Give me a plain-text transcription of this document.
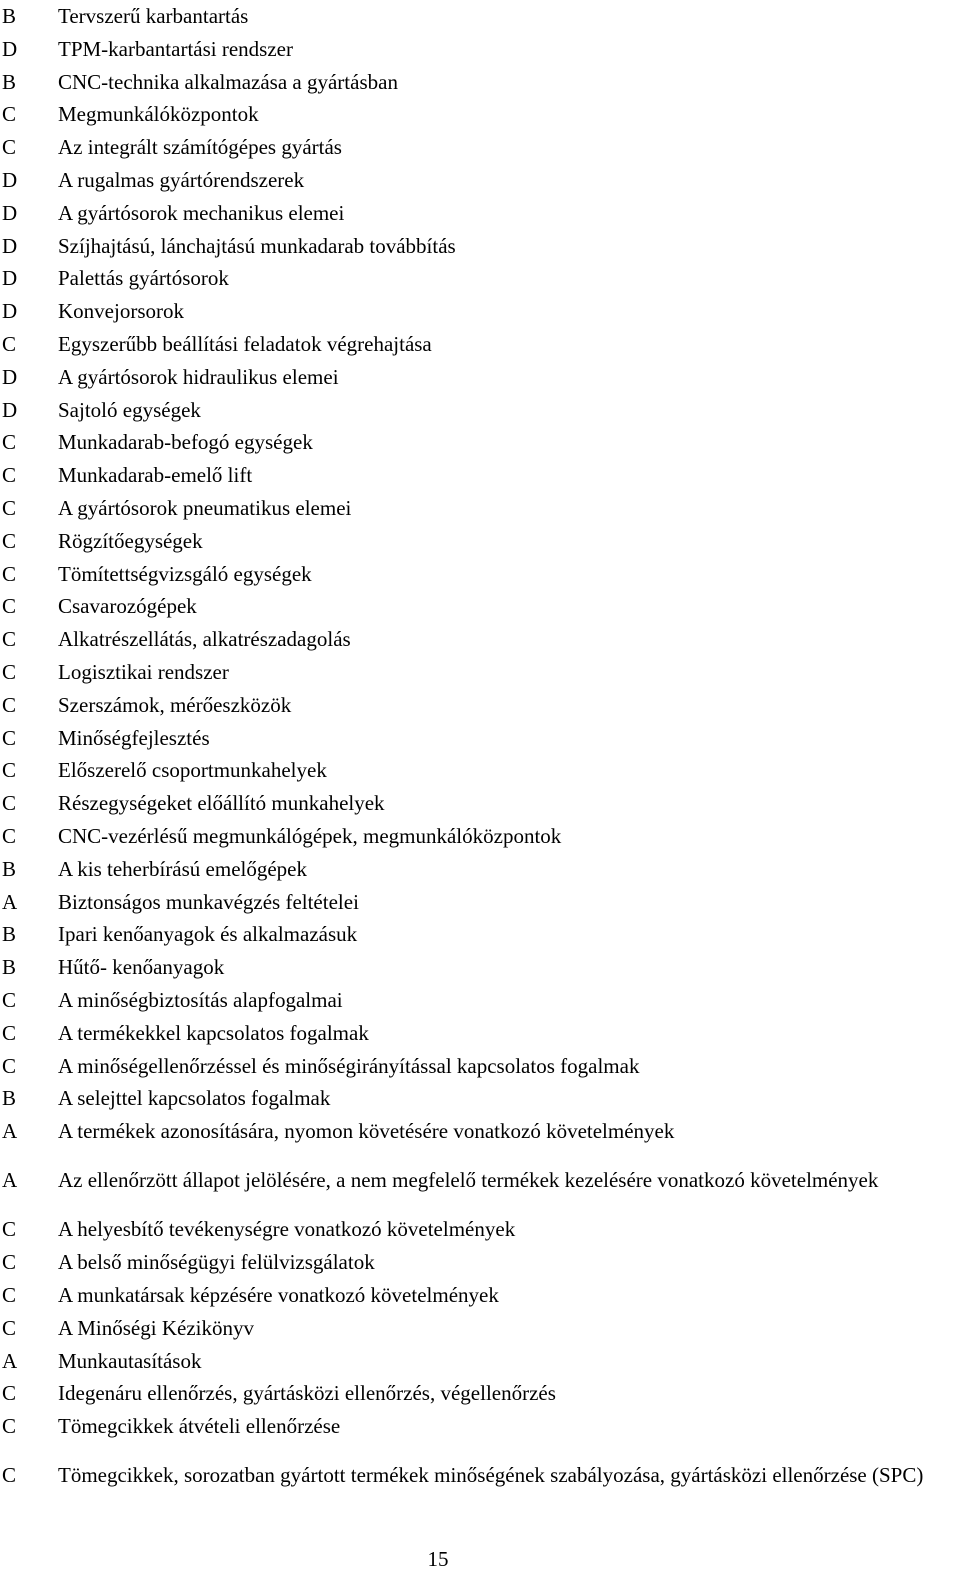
B	Tervszerű karbantartás
D	TPM-karbantartási rendszer
B	CNC-technika alkalmazása a gyártásban
C	Megmunkálóközpontok
C	Az integrált számítógépes gyártás
D	A rugalmas gyártórendszerek
D	A gyártósorok mechanikus elemei
D	Szíjhajtású, lánchajtású munkadarab továbbítás
D	Palettás gyártósorok
D	Konvejorsorok
C	Egyszerűbb beállítási feladatok végrehajtása
D	A gyártósorok hidraulikus elemei
D	Sajtoló egységek
C	Munkadarab-befogó egységek
C	Munkadarab-emelő lift
C	A gyártósorok pneumatikus elemei
C	Rögzítőegységek
C	Tömítettségvizsgáló egységek
C	Csavarozógépek
C	Alkatrészellátás, alkatrészadagolás
C	Logisztikai rendszer
C	Szerszámok, mérőeszközök
C	Minőségfejlesztés
C	Előszerelő csoportmunkahelyek
C	Részegységeket előállító munkahelyek
C	CNC-vezérlésű megmunkálógépek, megmunkálóközpontok
B	A kis teherbírású emelőgépek
A	Biztonságos munkavégzés feltételei
B	Ipari kenőanyagok és alkalmazásuk
B	Hűtő- kenőanyagok
C	A minőségbiztosítás alapfogalmai
C	A termékekkel kapcsolatos fogalmak
C	A minőségellenőrzéssel és minőségirányítással kapcsolatos fogalmak
B	A selejttel kapcsolatos fogalmak
A	A termékek azonosítására, nyomon követésére vonatkozó követelmények
A	Az ellenőrzött állapot jelölésére, a nem megfelelő termékek kezelésére vonatkozó követelmények
C	A helyesbítő tevékenységre vonatkozó követelmények
C	A belső minőségügyi felülvizsgálatok
C	A munkatársak képzésére vonatkozó követelmények
C	A Minőségi Kézikönyv
A	Munkautasítások
C	Idegenáru ellenőrzés, gyártásközi ellenőrzés, végellenőrzés
C	Tömegcikkek átvételi ellenőrzése
C	Tömegcikkek, sorozatban gyártott termékek minőségének szabályozása, gyártásközi ellenőrzése (SPC)
15
